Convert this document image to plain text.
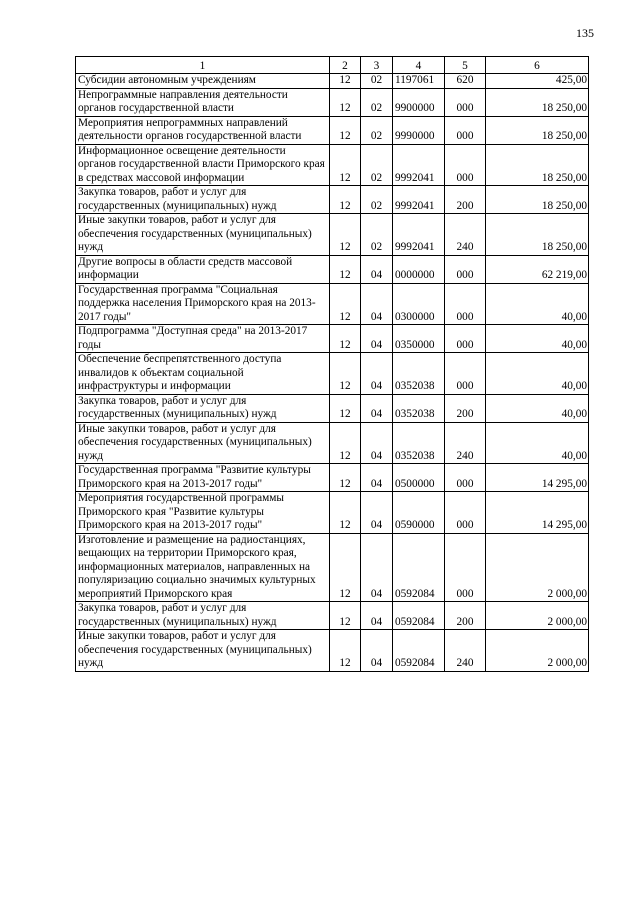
135
1	2	3	4	5	6
Субсидии автономным учреждениям	12	02	1197061	620	425,00
Непрограммные направления деятельности органов государственной власти	12	02	9900000	000	18 250,00
Мероприятия непрограммных направлений деятельности органов государственной власти	12	02	9990000	000	18 250,00
Информационное освещение деятельности органов государственной власти Приморского края в средствах массовой информации	12	02	9992041	000	18 250,00
Закупка товаров, работ и услуг для государственных (муниципальных) нужд	12	02	9992041	200	18 250,00
Иные закупки товаров, работ и услуг для обеспечения государственных (муниципальных) нужд	12	02	9992041	240	18 250,00
Другие вопросы в области средств массовой информации	12	04	0000000	000	62 219,00
Государственная программа "Социальная поддержка населения Приморского края на 2013-2017 годы"	12	04	0300000	000	40,00
Подпрограмма "Доступная среда" на 2013-2017 годы	12	04	0350000	000	40,00
Обеспечение беспрепятственного доступа инвалидов к объектам социальной инфраструктуры и информации	12	04	0352038	000	40,00
Закупка товаров, работ и услуг для государственных (муниципальных) нужд	12	04	0352038	200	40,00
Иные закупки товаров, работ и услуг для обеспечения государственных (муниципальных) нужд	12	04	0352038	240	40,00
Государственная программа "Развитие культуры Приморского края на 2013-2017 годы"	12	04	0500000	000	14 295,00
Мероприятия государственной программы Приморского края "Развитие культуры Приморского края на 2013-2017 годы"	12	04	0590000	000	14 295,00
Изготовление и размещение на радиостанциях, вещающих на территории Приморского края, информационных материалов, направленных на популяризацию социально значимых культурных мероприятий Приморского края	12	04	0592084	000	2 000,00
Закупка товаров, работ и услуг для государственных (муниципальных) нужд	12	04	0592084	200	2 000,00
Иные закупки товаров, работ и услуг для обеспечения государственных (муниципальных) нужд	12	04	0592084	240	2 000,00
